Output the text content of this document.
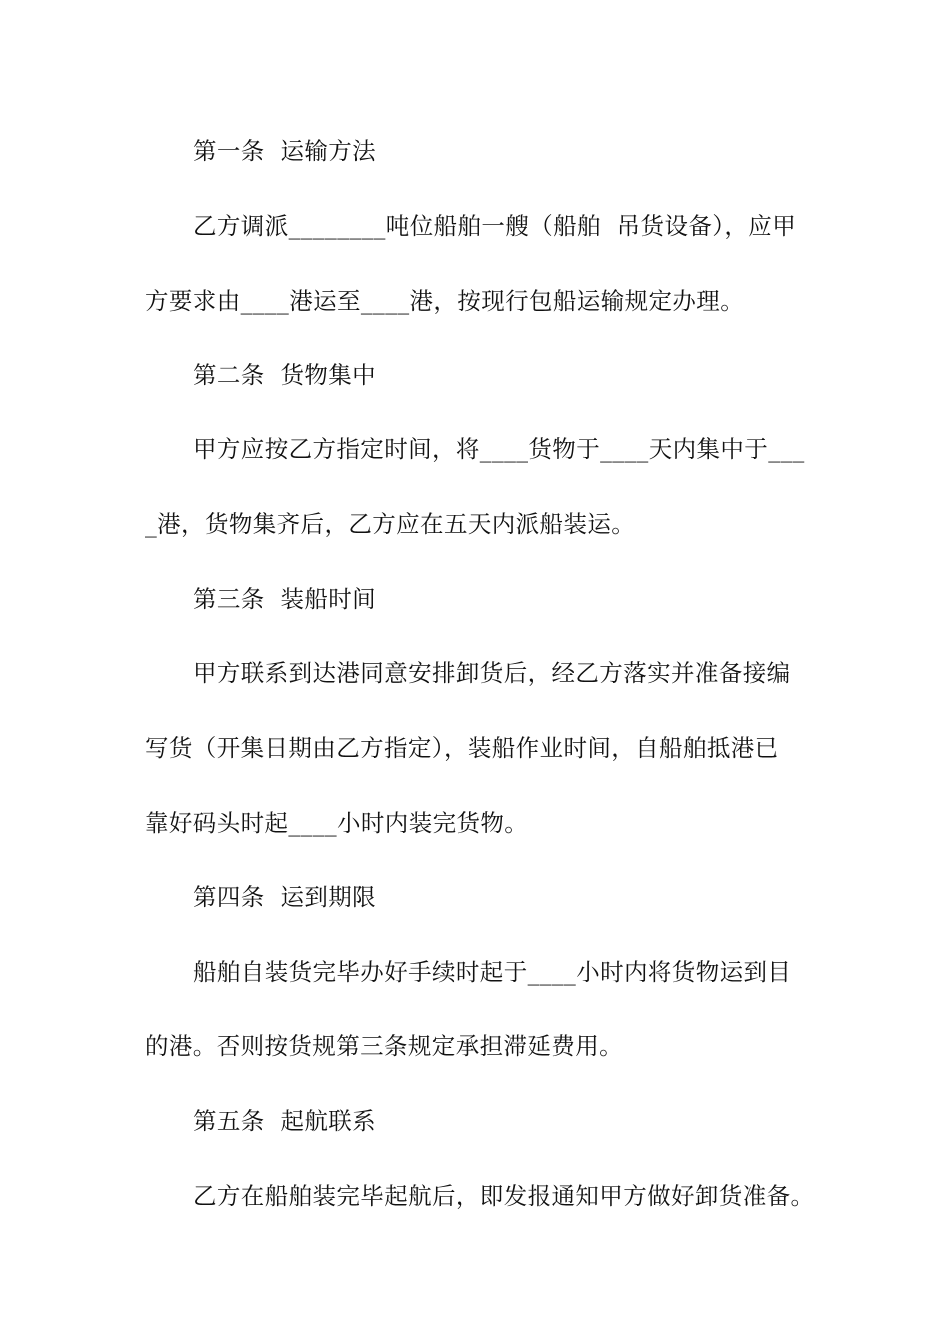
第一条  运输方法
乙方调派________吨位船舶一艘（船舶  吊货设备），应甲
方要求由____港运至____港，按现行包船运输规定办理。
第二条  货物集中
甲方应按乙方指定时间，将____货物于____天内集中于___
_港，货物集齐后，乙方应在五天内派船装运。
第三条  装船时间
甲方联系到达港同意安排卸货后，经乙方落实并准备接编
写货（开集日期由乙方指定），装船作业时间，自船舶抵港已
靠好码头时起____小时内装完货物。
第四条  运到期限
船舶自装货完毕办好手续时起于____小时内将货物运到目
的港。否则按货规第三条规定承担滞延费用。
第五条  起航联系
乙方在船舶装完毕起航后，即发报通知甲方做好卸货准备。
